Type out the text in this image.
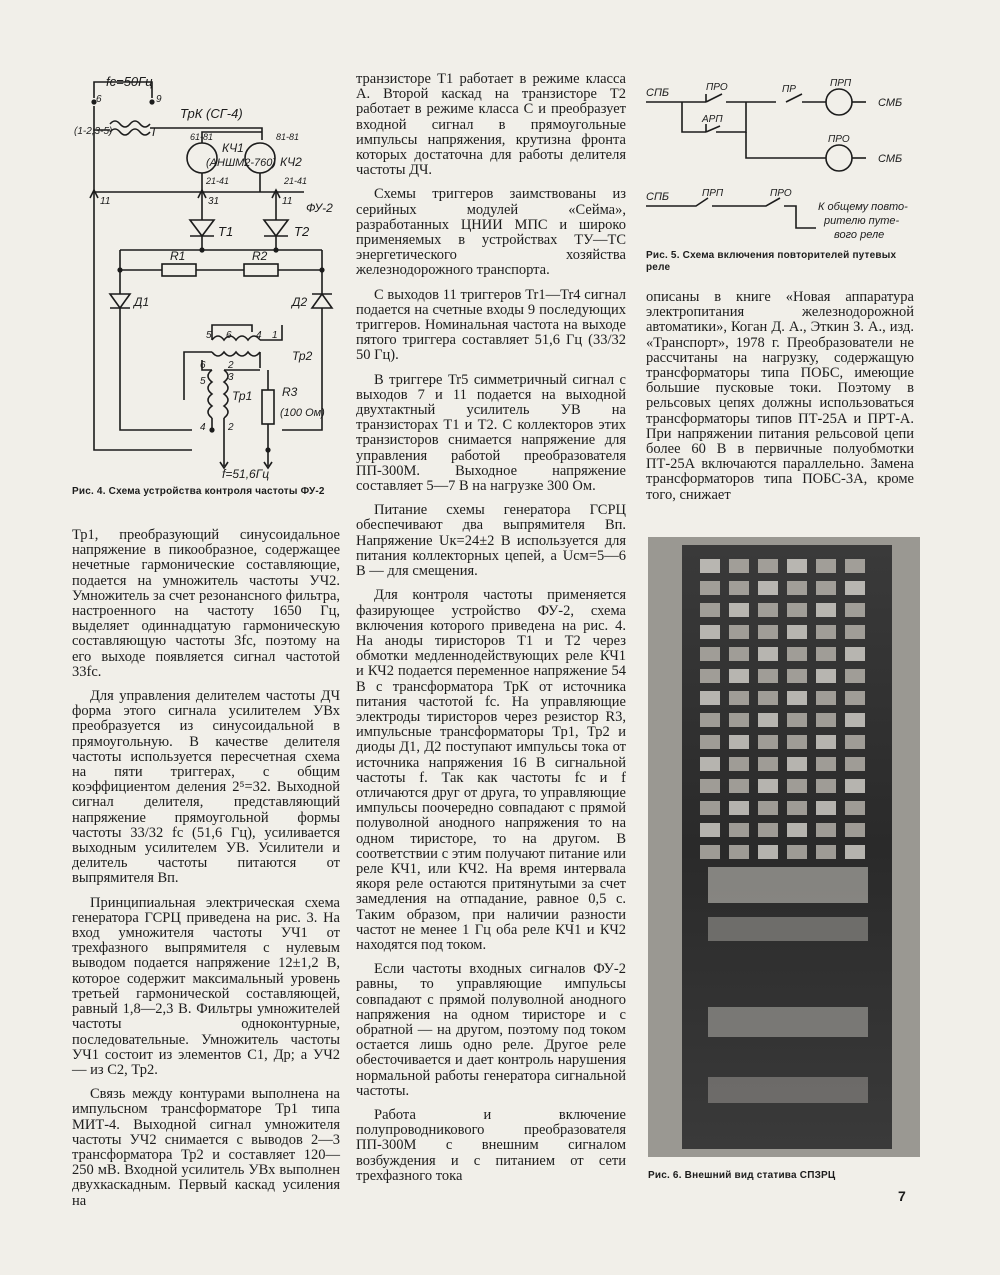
fс=50Гц
6	9
ТрК (СГ-4)
(1-2;3-5)	I	61-81	81-81
КЧ1
(АНШМ2-760) КЧ2
21-41	21-41
11	31	11 ФУ-2
Т1	Т2
R1	R2
Д1	Д2
5 6 4 1
Тр2
6 2
3
5
Тр1 R3
(100 Ом)
4 2
f=51,6Гц
Рис. 4. Схема устройства контроля частоты ФУ-2

Тр1, преобразующий синусоидальное напряжение в пикообразное, содержащее нечетные гармонические составляющие, подается на умножитель частоты УЧ2. Умножитель за счет резонансного фильтра, настроенного на частоту 1650 Гц, выделяет одиннадцатую гармоническую составляющую частоты 3fс, поэтому на его выходе появляется сигнал частотой 33fс.

Для управления делителем частоты ДЧ форма этого сигнала усилителем УВх преобразуется из синусоидальной в прямоугольную. В качестве делителя частоты используется пересчетная схема на пяти триггерах, с общим коэффициентом деления 2⁵=32. Выходной сигнал делителя, представляющий напряжение прямоугольной формы частоты 33/32 fс (51,6 Гц), усиливается выходным усилителем УВ. Усилители и делитель частоты питаются от выпрямителя Вп.

Принципиальная электрическая схема генератора ГСРЦ приведена на рис. 3. На вход умножителя частоты УЧ1 от трехфазного выпрямителя с нулевым выводом подается напряжение 12±1,2 В, которое содержит максимальный уровень третьей гармонической составляющей, равный 1,8—2,3 В. Фильтры умножителей частоты одноконтурные, последовательные. Умножитель частоты УЧ1 состоит из элементов С1, Др; а УЧ2 — из С2, Тр2.

Связь между контурами выполнена на импульсном трансформаторе Тр1 типа МИТ-4. Выходной сигнал умножителя частоты УЧ2 снимается с выводов 2—3 трансформатора Тр2 и составляет 120—250 мВ. Входной усилитель УВх выполнен двухкаскадным. Первый каскад усиления на

транзисторе Т1 работает в режиме класса А. Второй каскад на транзисторе Т2 работает в режиме класса С и преобразует входной сигнал в прямоугольные импульсы напряжения, крутизна фронта которых достаточна для работы делителя частоты ДЧ.

Схемы триггеров заимствованы из серийных модулей «Сейма», разработанных ЦНИИ МПС и широко применяемых в устройствах ТУ—ТС энергетического хозяйства железнодорожного транспорта.

С выходов 11 триггеров Tr1—Tr4 сигнал подается на счетные входы 9 последующих триггеров. Номинальная частота на выходе пятого триггера составляет 51,6 Гц (33/32 50 Гц).

В триггере Tr5 симметричный сигнал с выходов 7 и 11 подается на выходной двухтактный усилитель УВ на транзисторах Т1 и Т2. С коллекторов этих транзисторов снимается напряжение для управления работой преобразователя ПП-300М. Выходное напряжение составляет 5—7 В на нагрузке 300 Ом.

Питание схемы генератора ГСРЦ обеспечивают два выпрямителя Вп. Напряжение Uк=24±2 В используется для питания коллекторных цепей, а Uсм=5—6 В — для смещения.

Для контроля частоты применяется фазирующее устройство ФУ-2, схема включения которого приведена на рис. 4. На аноды тиристоров Т1 и Т2 через обмотки медленнодействующих реле КЧ1 и КЧ2 подается переменное напряжение 54 В с трансформатора ТрК от источника питания частотой fс. На управляющие электроды тиристоров через резистор R3, импульсные трансформаторы Тр1, Тр2 и диоды Д1, Д2 поступают импульсы тока от источника напряжения 16 В сигнальной частоты f. Так как частоты fс и f отличаются друг от друга, то управляющие импульсы поочередно совпадают с прямой полуволной анодного напряжения то на одном тиристоре, то на другом. В соответствии с этим получают питание или реле КЧ1, или КЧ2. На время интервала якоря реле остаются притянутыми за счет замедления на отпадание, равное 0,5 с. Таким образом, при наличии разности частот не менее 1 Гц оба реле КЧ1 и КЧ2 находятся под током.

Если частоты входных сигналов ФУ-2 равны, то управляющие импульсы совпадают с прямой полуволной анодного напряжения на одном тиристоре и с обратной — на другом, поэтому под током остается лишь одно реле. Другое реле обесточивается и дает контроль нарушения нормальной работы генератора сигнальной частоты.

Работа и включение полупроводникового преобразователя ПП-300М с внешним сигналом возбуждения и с питанием от сети трехфазного тока

СПБ	ПРО	ПР
ПРП
СМБ
АРП
ПРО
СМБ
СПБ	ПРП	ПРО
К общему повто-
рителю путе-
вого реле
Рис. 5. Схема включения повторителей путевых реле

описаны в книге «Новая аппаратура электропитания железнодорожной автоматики», Коган Д. А., Эткин З. А., изд. «Транспорт», 1978 г. Преобразователи не рассчитаны на нагрузку, содержащую трансформаторы типа ПОБС, имеющие большие пусковые токи. Поэтому в рельсовых цепях должны использоваться трансформаторы типов ПТ-25А и ПРТ-А. При напряжении питания рельсовой цепи более 60 В в первичные полуобмотки ПТ-25А включаются параллельно. Замена трансформаторов типа ПОБС-3А, кроме того, снижает

Рис. 6. Внешний вид статива СПЗРЦ
7
